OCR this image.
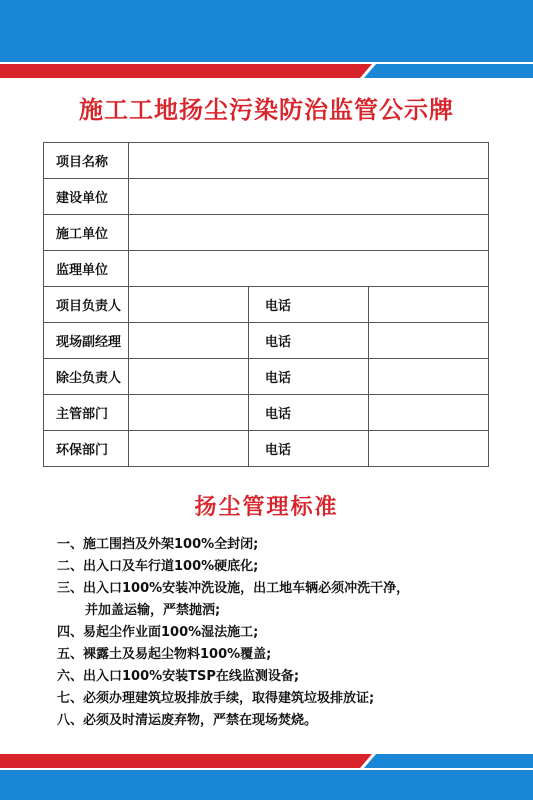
施工工地扬尘污染防治监管公示牌
项目名称			
建设单位			
施工单位			
监理单位			
项目负责人		电话	
现场副经理		电话	
除尘负责人		电话	
主管部门		电话	
环保部门		电话	
扬尘管理标准
一、施工围挡及外架100%全封闭;
二、出入口及车行道100%硬底化;
三、出入口100%安装冲洗设施，出工地车辆必须冲洗干净，
并加盖运输，严禁抛洒;
四、易起尘作业面100%湿法施工;
五、裸露土及易起尘物料100%覆盖;
六、出入口100%安装TSP在线监测设备;
七、必须办理建筑垃圾排放手续，取得建筑垃圾排放证;
八、必须及时清运废弃物，严禁在现场焚烧。
